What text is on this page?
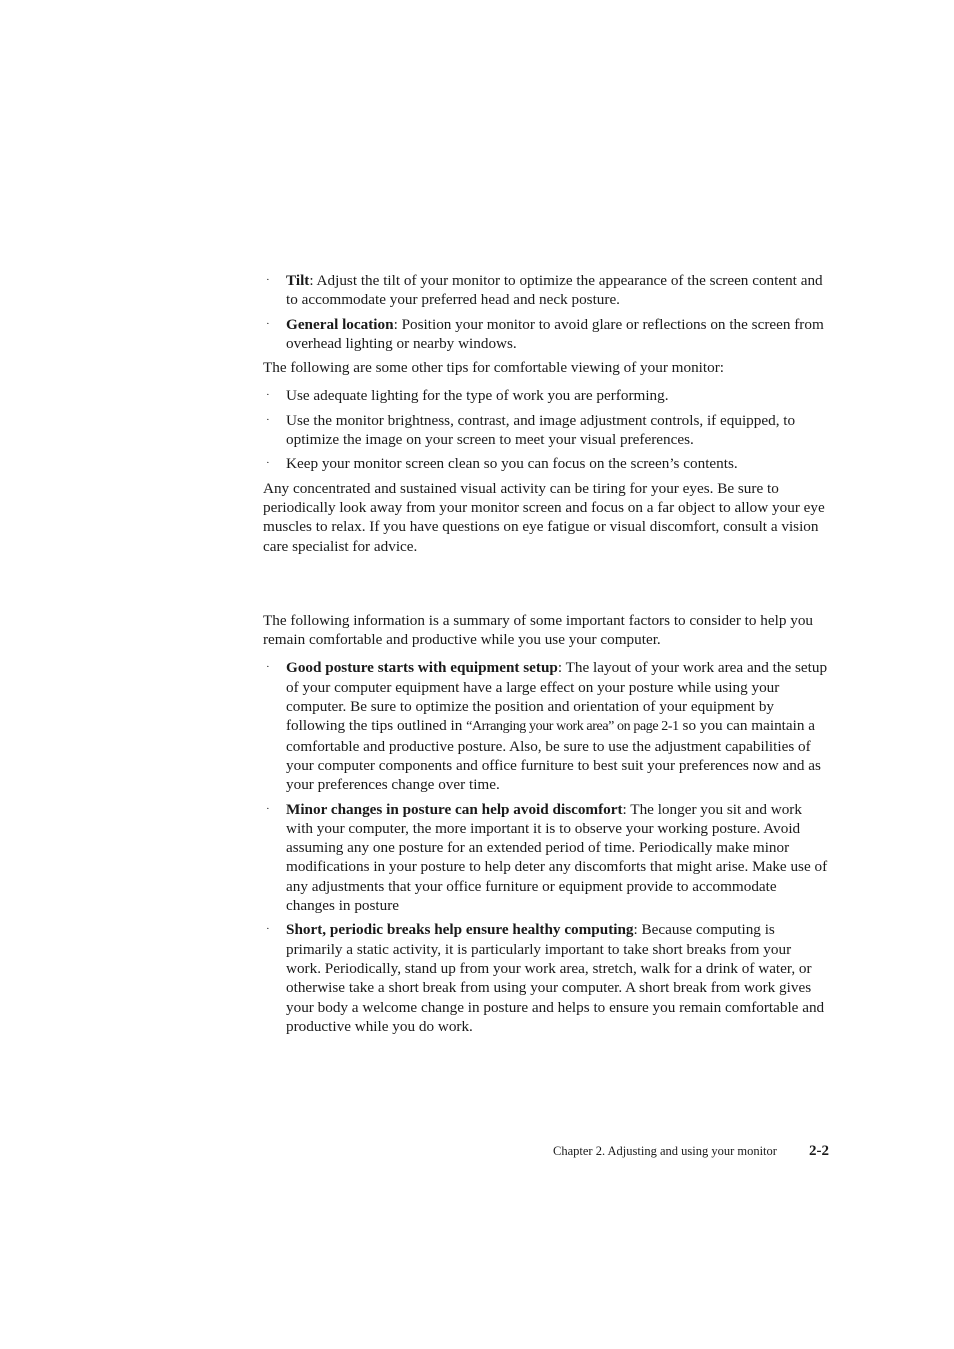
· Tilt: Adjust the tilt of your monitor to optimize the appearance of the screen content and to accommodate your preferred head and neck posture.
· General location: Position your monitor to avoid glare or reflections on the screen from overhead lighting or nearby windows.

The following are some other tips for comfortable viewing of your monitor:

· Use adequate lighting for the type of work you are performing.
· Use the monitor brightness, contrast, and image adjustment controls, if equipped, to optimize the image on your screen to meet your visual preferences.
· Keep your monitor screen clean so you can focus on the screen’s contents.

Any concentrated and sustained visual activity can be tiring for your eyes. Be sure to periodically look away from your monitor screen and focus on a far object to allow your eye muscles to relax. If you have questions on eye fatigue or visual discomfort, consult a vision care specialist for advice.

The following information is a summary of some important factors to consider to help you remain comfortable and productive while you use your computer.

· Good posture starts with equipment setup: The layout of your work area and the setup of your computer equipment have a large effect on your posture while using your computer. Be sure to optimize the position and orientation of your equipment by following the tips outlined in “Arranging your work area” on page 2-1 so you can maintain a comfortable and productive posture. Also, be sure to use the adjustment capabilities of your computer components and office furniture to best suit your preferences now and as your preferences change over time.
· Minor changes in posture can help avoid discomfort: The longer you sit and work with your computer, the more important it is to observe your working posture. Avoid assuming any one posture for an extended period of time. Periodically make minor modifications in your posture to help deter any discomforts that might arise. Make use of any adjustments that your office furniture or equipment provide to accommodate changes in posture
· Short, periodic breaks help ensure healthy computing: Because computing is primarily a static activity, it is particularly important to take short breaks from your work. Periodically, stand up from your work area, stretch, walk for a drink of water, or otherwise take a short break from using your computer. A short break from work gives your body a welcome change in posture and helps to ensure you remain comfortable and productive while you do work.
Chapter 2. Adjusting and using your monitor 2-2
